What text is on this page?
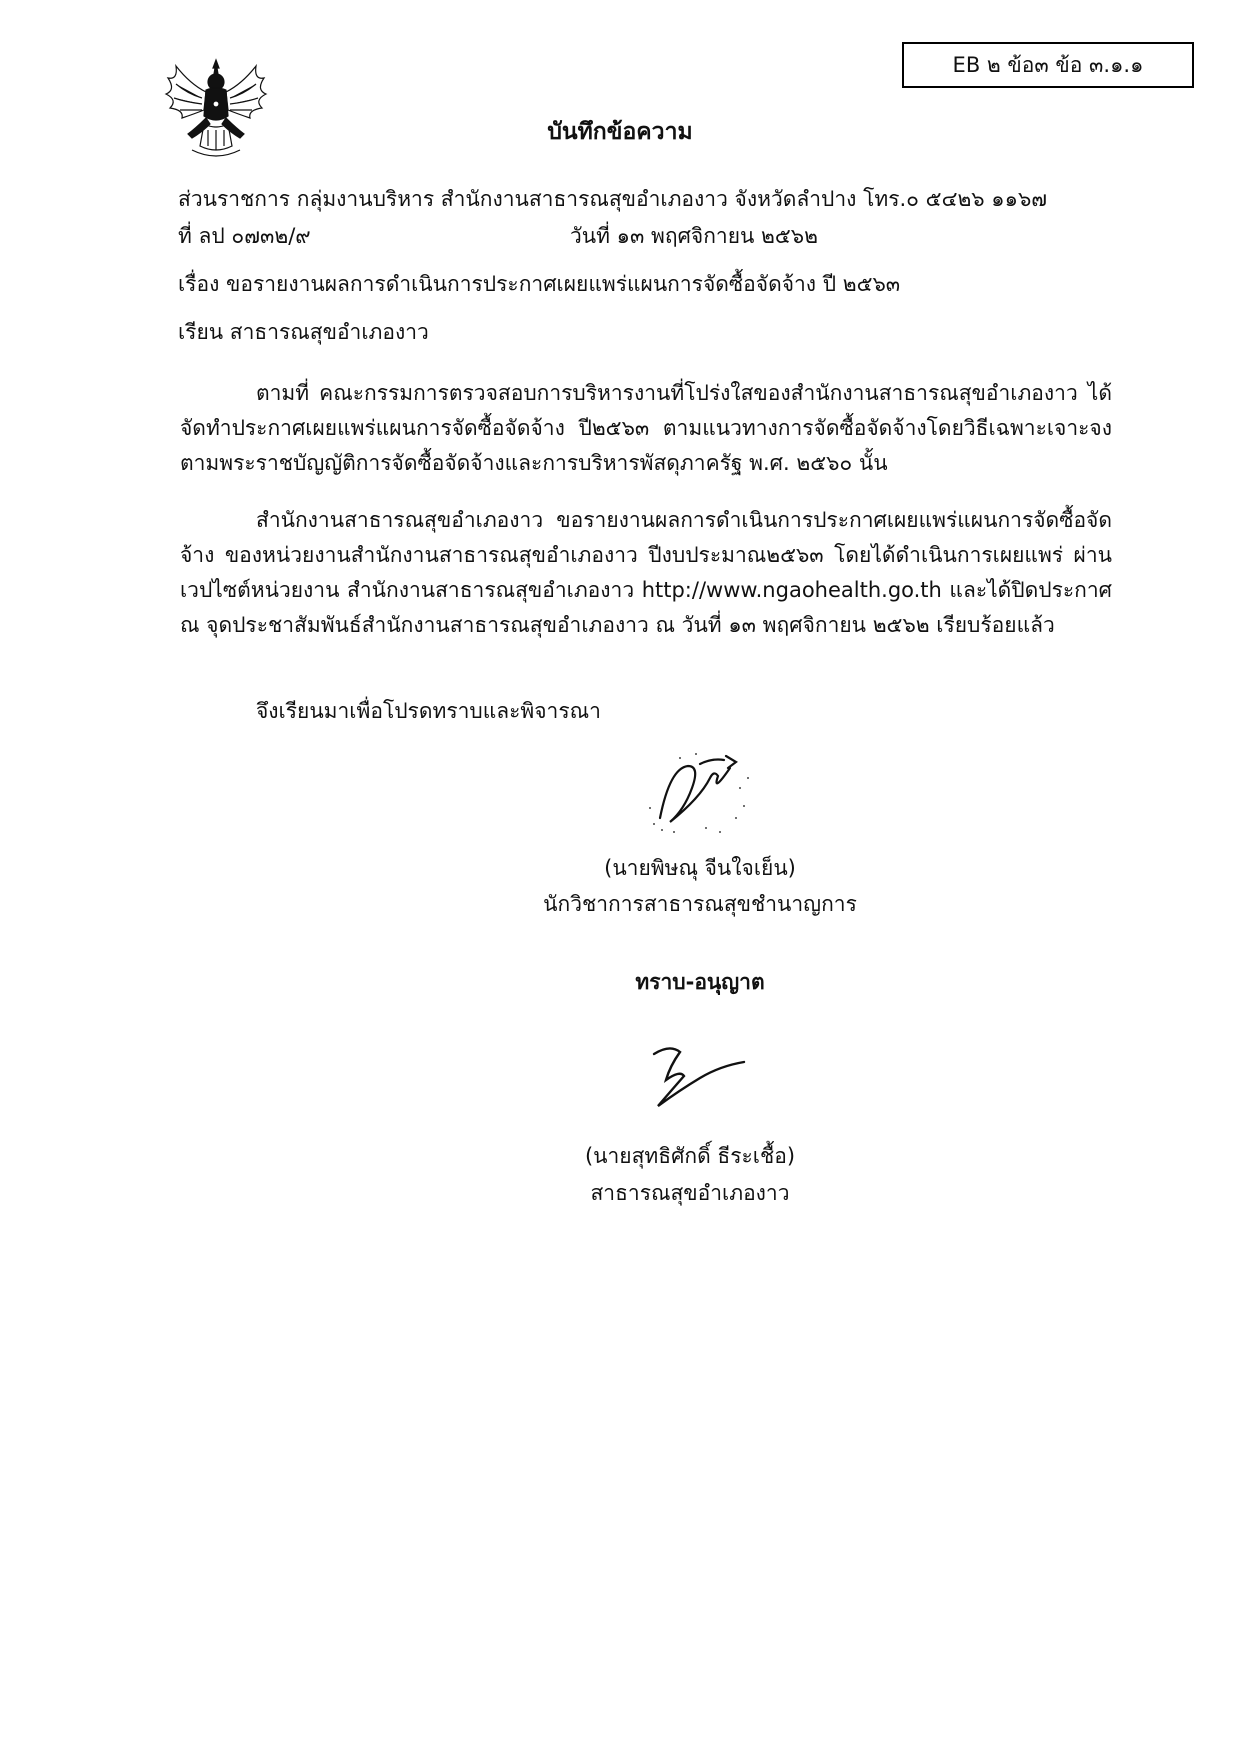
EB ๒ ข้อ๓ ข้อ ๓.๑.๑
บันทึกข้อความ
ส่วนราชการ กลุ่มงานบริหาร สำนักงานสาธารณสุขอำเภองาว จังหวัดลำปาง โทร.๐ ๕๔๒๖ ๑๑๖๗
ที่ ลป ๐๗๓๒/๙	วันที่ ๑๓ พฤศจิกายน ๒๕๖๒
เรื่อง ขอรายงานผลการดำเนินการประกาศเผยแพร่แผนการจัดซื้อจัดจ้าง ปี ๒๕๖๓
เรียน สาธารณสุขอำเภองาว
ตามที่ คณะกรรมการตรวจสอบการบริหารงานที่โปร่งใสของสำนักงานสาธารณสุขอำเภองาว ได้จัดทำประกาศเผยแพร่แผนการจัดซื้อจัดจ้าง ปี๒๕๖๓ ตามแนวทางการจัดซื้อจัดจ้างโดยวิธีเฉพาะเจาะจง ตามพระราชบัญญัติการจัดซื้อจัดจ้างและการบริหารพัสดุภาครัฐ พ.ศ. ๒๕๖๐ นั้น
สำนักงานสาธารณสุขอำเภองาว ขอรายงานผลการดำเนินการประกาศเผยแพร่แผนการจัดซื้อจัดจ้าง ของหน่วยงานสำนักงานสาธารณสุขอำเภองาว ปีงบประมาณ๒๕๖๓ โดยได้ดำเนินการเผยแพร่ ผ่านเวปไซต์หน่วยงาน สำนักงานสาธารณสุขอำเภองาว http://www.ngaohealth.go.th และได้ปิดประกาศ ณ จุดประชาสัมพันธ์สำนักงานสาธารณสุขอำเภองาว ณ วันที่ ๑๓ พฤศจิกายน ๒๕๖๒ เรียบร้อยแล้ว
จึงเรียนมาเพื่อโปรดทราบและพิจารณา
(นายพิษณุ จีนใจเย็น)
นักวิชาการสาธารณสุขชำนาญการ
ทราบ-อนุญาต
(นายสุทธิศักดิ์ ธีระเชื้อ)
สาธารณสุขอำเภองาว
